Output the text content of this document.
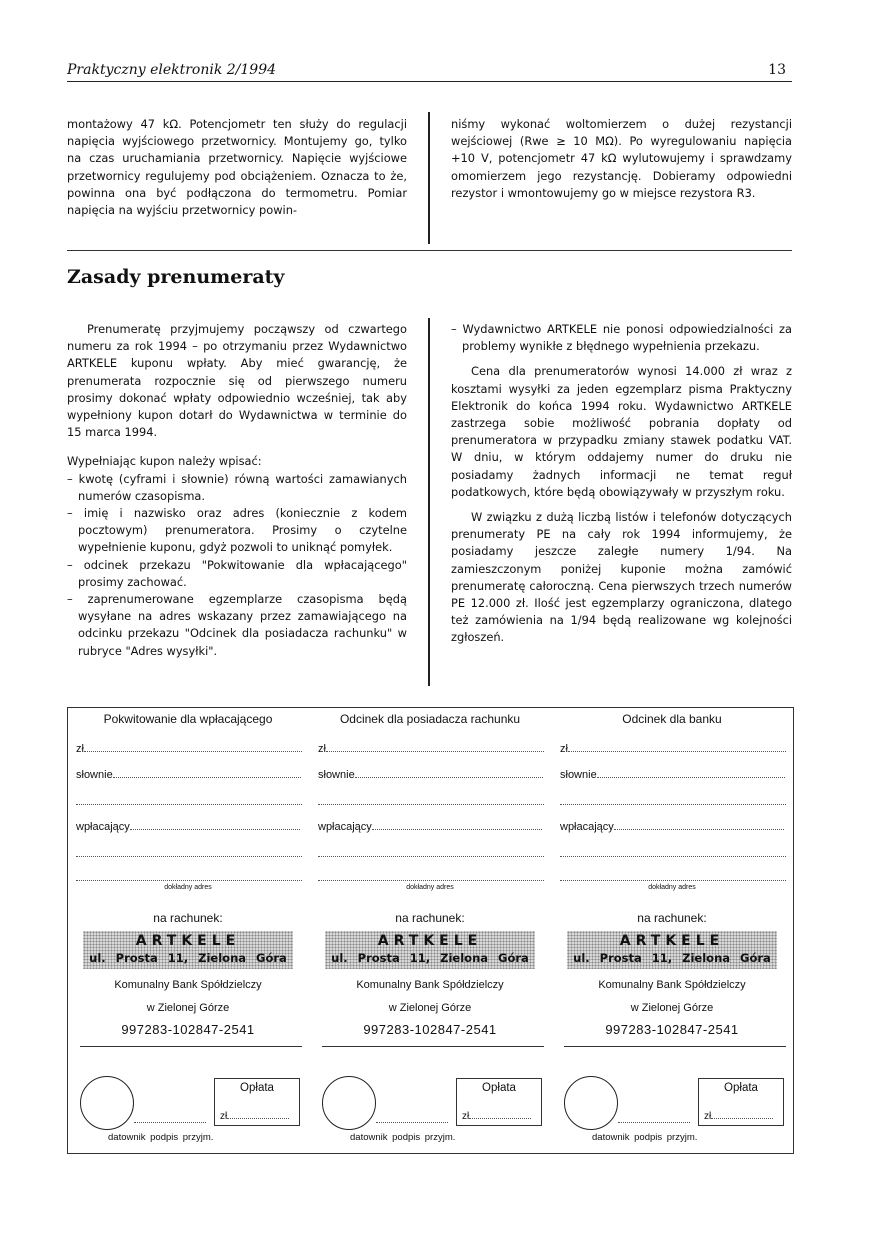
Praktyczny elektronik 2/1994	13

montażowy 47 kΩ. Potencjometr ten służy do regulacji napięcia wyjściowego przetwornicy. Montujemy go, tylko na czas uruchamiania przetwornicy. Napięcie wyjściowe przetwornicy regulujemy pod obciążeniem. Oznacza to że, powinna ona być podłączona do termometru. Pomiar napięcia na wyjściu przetwornicy powin-

niśmy wykonać woltomierzem o dużej rezystancji wejściowej (Rwe ≥ 10 MΩ). Po wyregulowaniu napięcia +10 V, potencjometr 47 kΩ wylutowujemy i sprawdzamy omomierzem jego rezystancję. Dobieramy odpowiedni rezystor i wmontowujemy go w miejsce rezystora R3.

Zasady prenumeraty

Prenumeratę przyjmujemy począwszy od czwartego numeru za rok 1994 – po otrzymaniu przez Wydawnictwo ARTKELE kuponu wpłaty. Aby mieć gwarancję, że prenumerata rozpocznie się od pierwszego numeru prosimy dokonać wpłaty odpowiednio wcześniej, tak aby wypełniony kupon dotarł do Wydawnictwa w terminie do 15 marca 1994.

Wypełniając kupon należy wpisać:

– kwotę (cyframi i słownie) równą wartości zamawianych numerów czasopisma.
– imię i nazwisko oraz adres (koniecznie z kodem pocztowym) prenumeratora. Prosimy o czytelne wypełnienie kuponu, gdyż pozwoli to uniknąć pomyłek.
– odcinek przekazu "Pokwitowanie dla wpłacającego" prosimy zachować.
– zaprenumerowane egzemplarze czasopisma będą wysyłane na adres wskazany przez zamawiającego na odcinku przekazu "Odcinek dla posiadacza rachunku" w rubryce "Adres wysyłki".
– Wydawnictwo ARTKELE nie ponosi odpowiedzialności za problemy wynikłe z błędnego wypełnienia przekazu.

Cena dla prenumeratorów wynosi 14.000 zł wraz z kosztami wysyłki za jeden egzemplarz pisma Praktyczny Elektronik do końca 1994 roku. Wydawnictwo ARTKELE zastrzega sobie możliwość pobrania dopłaty od prenumeratora w przypadku zmiany stawek podatku VAT. W dniu, w którym oddajemy numer do druku nie posiadamy żadnych informacji ne temat reguł podatkowych, które będą obowiązywały w przyszłym roku.

W związku z dużą liczbą listów i telefonów dotyczących prenumeraty PE na cały rok 1994 informujemy, że posiadamy jeszcze zaległe numery 1/94. Na zamieszczonym poniżej kuponie można zamówić prenumeratę całoroczną. Cena pierwszych trzech numerów PE 12.000 zł. Ilość jest egzemplarzy ograniczona, dlatego też zamówienia na 1/94 będą realizowane wg kolejności zgłoszeń.

Pokwitowanie dla wpłacającego
zł
słownie
wpłacający
dokładny adres
na rachunek:
ARTKELE
ul. Prosta 11, Zielona Góra
Komunalny Bank Spółdzielczy
w Zielonej Górze
997283-102847-2541
Opłata
zł
datownik podpis przyjm.
Odcinek dla posiadacza rachunku
zł
słownie
wpłacający
dokładny adres
na rachunek:
ARTKELE
ul. Prosta 11, Zielona Góra
Komunalny Bank Spółdzielczy
w Zielonej Górze
997283-102847-2541
Opłata
zł
datownik podpis przyjm.
Odcinek dla banku
zł
słownie
wpłacający
dokładny adres
na rachunek:
ARTKELE
ul. Prosta 11, Zielona Góra
Komunalny Bank Spółdzielczy
w Zielonej Górze
997283-102847-2541
Opłata
zł
datownik podpis przyjm.
